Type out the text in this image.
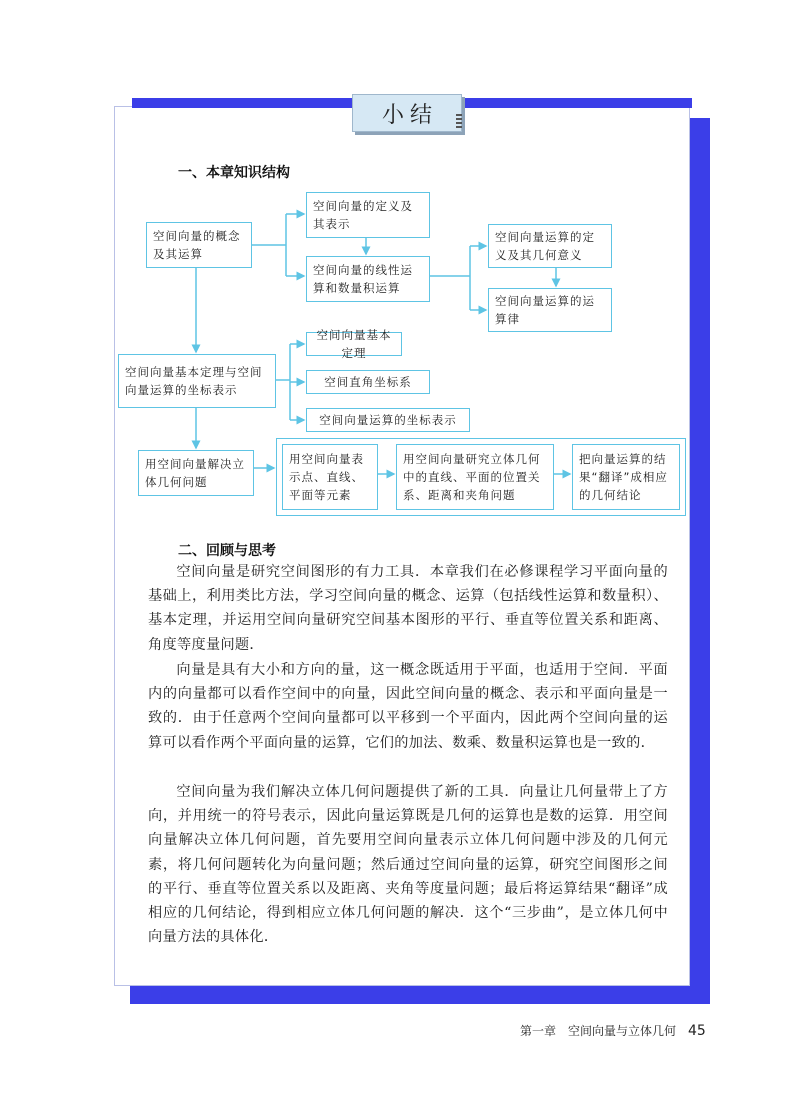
小结
一、本章知识结构
空间向量的概念及其运算
空间向量的定义及其表示
空间向量的线性运算和数量积运算
空间向量运算的定义及其几何意义
空间向量运算的运算律
空间向量基本定理与空间向量运算的坐标表示
空间向量基本定理
空间直角坐标系
空间向量运算的坐标表示
用空间向量解决立体几何问题
用空间向量表示点、直线、平面等元素
用空间向量研究立体几何中的直线、平面的位置关系、距离和夹角问题
把向量运算的结果“翻译”成相应的几何结论
二、回顾与思考
空间向量是研究空间图形的有力工具．本章我们在必修课程学习平面向量的基础上，利用类比方法，学习空间向量的概念、运算（包括线性运算和数量积）、基本定理，并运用空间向量研究空间基本图形的平行、垂直等位置关系和距离、角度等度量问题．
向量是具有大小和方向的量，这一概念既适用于平面，也适用于空间．平面内的向量都可以看作空间中的向量，因此空间向量的概念、表示和平面向量是一致的．由于任意两个空间向量都可以平移到一个平面内，因此两个空间向量的运算可以看作两个平面向量的运算，它们的加法、数乘、数量积运算也是一致的．
空间向量为我们解决立体几何问题提供了新的工具．向量让几何量带上了方向，并用统一的符号表示，因此向量运算既是几何的运算也是数的运算．用空间向量解决立体几何问题，首先要用空间向量表示立体几何问题中涉及的几何元素，将几何问题转化为向量问题；然后通过空间向量的运算，研究空间图形之间的平行、垂直等位置关系以及距离、夹角等度量问题；最后将运算结果“翻译”成相应的几何结论，得到相应立体几何问题的解决．这个“三步曲”，是立体几何中向量方法的具体化．
第一章　空间向量与立体几何 45
